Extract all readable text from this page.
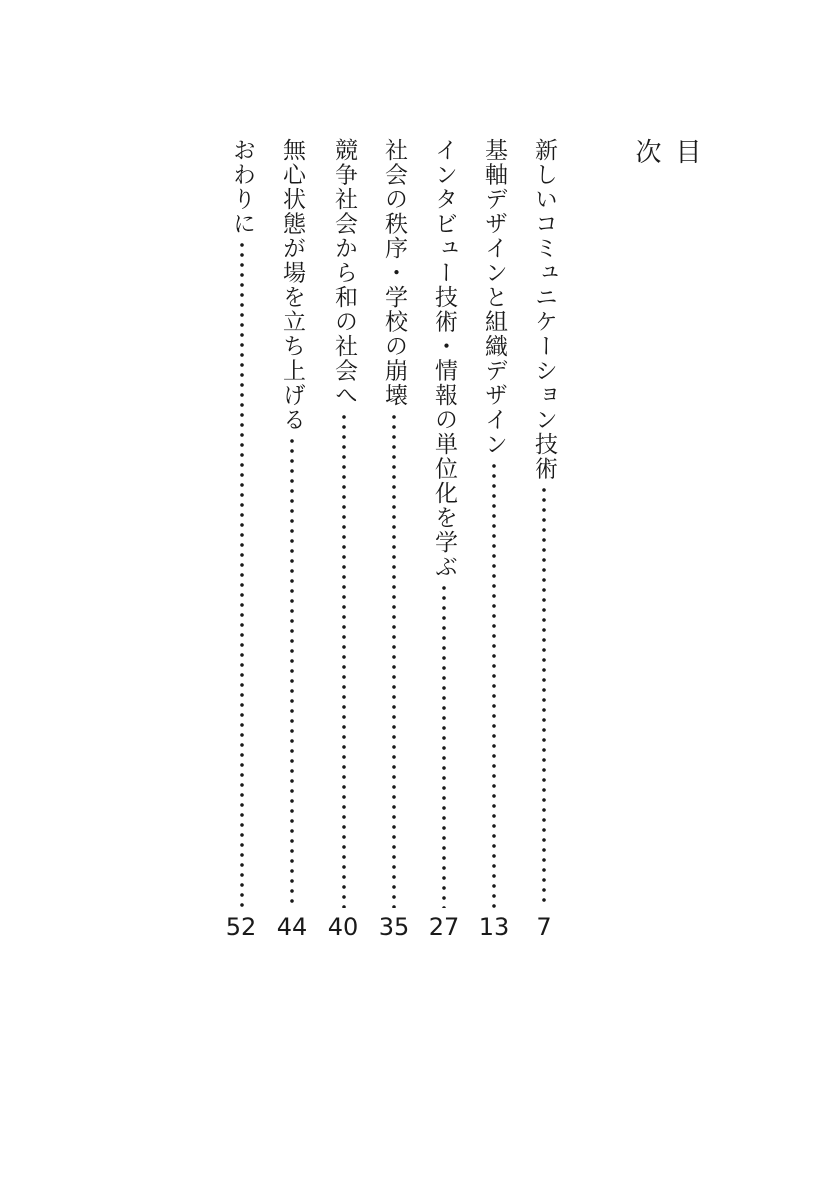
目　次
新しいコミュニケーション技術
7
基軸デザインと組織デザイン
13
インタビュー技術・情報の単位化を学ぶ
27
社会の秩序・学校の崩壊
35
競争社会から和の社会へ
40
無心状態が場を立ち上げる
44
おわりに
52
